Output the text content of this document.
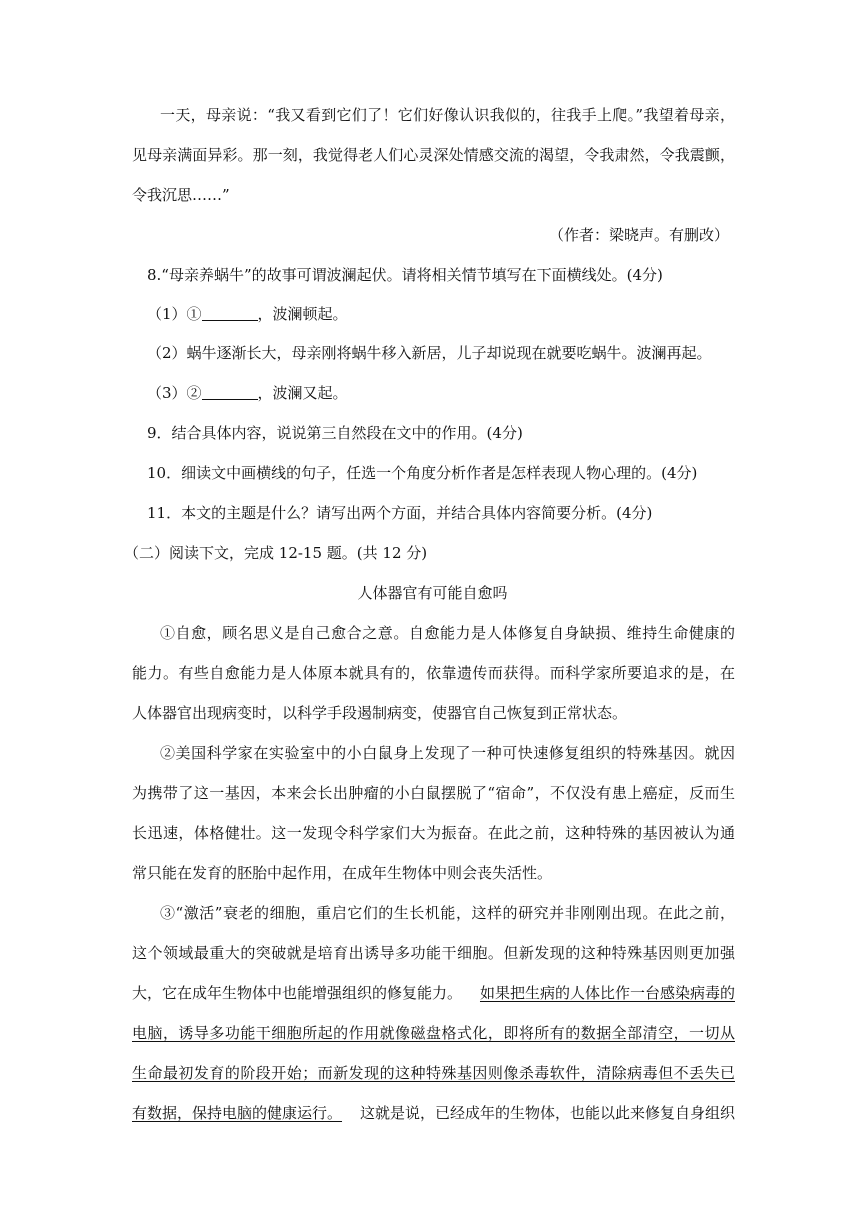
一天，母亲说：“我又看到它们了！它们好像认识我似的，往我手上爬。”我望着母亲，
见母亲满面异彩。那一刻，我觉得老人们心灵深处情感交流的渴望，令我肃然，令我震颤，
令我沉思……”
（作者：梁晓声。有删改）
8.“母亲养蜗牛”的故事可谓波澜起伏。请将相关情节填写在下面横线处。(4分)
（1）①	，波澜顿起。
（2）蜗牛逐渐长大，母亲刚将蜗牛移入新居，儿子却说现在就要吃蜗牛。波澜再起。
（3）②	，波澜又起。
9．结合具体内容，说说第三自然段在文中的作用。(4分)
10．细读文中画横线的句子，任选一个角度分析作者是怎样表现人物心理的。(4分)
11．本文的主题是什么？请写出两个方面，并结合具体内容简要分析。(4分)
（二）阅读下文，完成 12-15 题。(共 12 分)
人体器官有可能自愈吗
①自愈，顾名思义是自己愈合之意。自愈能力是人体修复自身缺损、维持生命健康的
能力。有些自愈能力是人体原本就具有的，依靠遗传而获得。而科学家所要追求的是，在
人体器官出现病变时，以科学手段遏制病变，使器官自己恢复到正常状态。
②美国科学家在实验室中的小白鼠身上发现了一种可快速修复组织的特殊基因。就因
为携带了这一基因，本来会长出肿瘤的小白鼠摆脱了“宿命”，不仅没有患上癌症，反而生
长迅速，体格健壮。这一发现令科学家们大为振奋。在此之前，这种特殊的基因被认为通
常只能在发育的胚胎中起作用，在成年生物体中则会丧失活性。
③“激活”衰老的细胞，重启它们的生长机能，这样的研究并非刚刚出现。在此之前，
这个领域最重大的突破就是培育出诱导多功能干细胞。但新发现的这种特殊基因则更加强
大，它在成年生物体中也能增强组织的修复能力。 如果把生病的人体比作一台感染病毒的
电脑，诱导多功能干细胞所起的作用就像磁盘格式化，即将所有的数据全部清空，一切从
生命最初发育的阶段开始；而新发现的这种特殊基因则像杀毒软件，清除病毒但不丢失已
有数据，保持电脑的健康运行。 这就是说，已经成年的生物体，也能以此来修复自身组织
